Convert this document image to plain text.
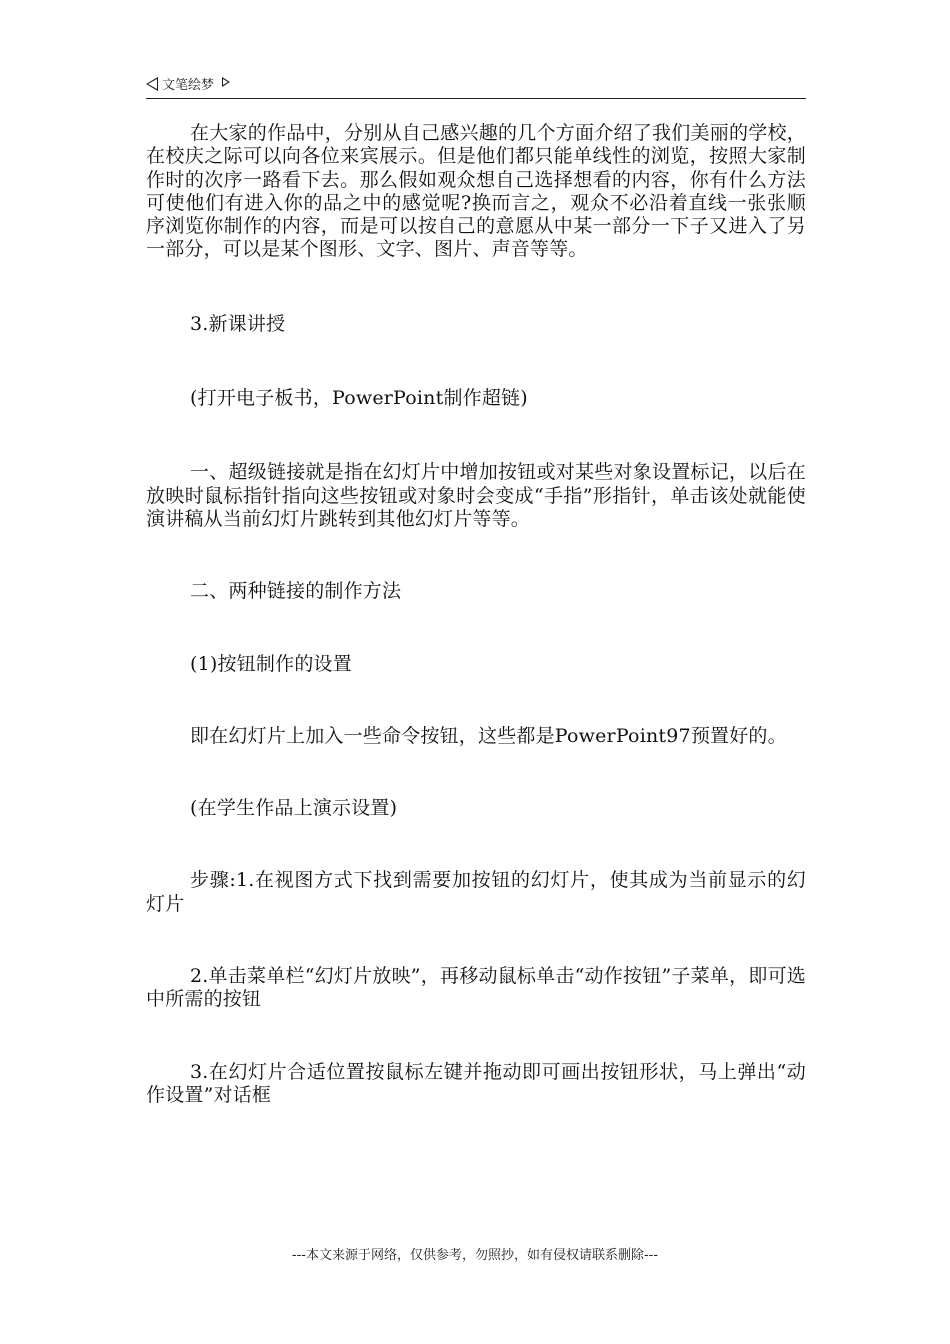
文笔绘梦

在大家的作品中，分别从自己感兴趣的几个方面介绍了我们美丽的学校，在校庆之际可以向各位来宾展示。但是他们都只能单线性的浏览，按照大家制作时的次序一路看下去。那么假如观众想自己选择想看的内容，你有什么方法可使他们有进入你的品之中的感觉呢?换而言之，观众不必沿着直线一张张顺序浏览你制作的内容，而是可以按自己的意愿从中某一部分一下子又进入了另一部分，可以是某个图形、文字、图片、声音等等。

3.新课讲授

(打开电子板书，PowerPoint制作超链)

一、超级链接就是指在幻灯片中增加按钮或对某些对象设置标记，以后在放映时鼠标指针指向这些按钮或对象时会变成“手指”形指针，单击该处就能使演讲稿从当前幻灯片跳转到其他幻灯片等等。

二、两种链接的制作方法

(1)按钮制作的设置

即在幻灯片上加入一些命令按钮，这些都是PowerPoint97预置好的。

(在学生作品上演示设置)

步骤:1.在视图方式下找到需要加按钮的幻灯片，使其成为当前显示的幻灯片

2.单击菜单栏“幻灯片放映”，再移动鼠标单击“动作按钮”子菜单，即可选中所需的按钮

3.在幻灯片合适位置按鼠标左键并拖动即可画出按钮形状，马上弹出“动作设置”对话框

---本文来源于网络，仅供参考，勿照抄，如有侵权请联系删除---
